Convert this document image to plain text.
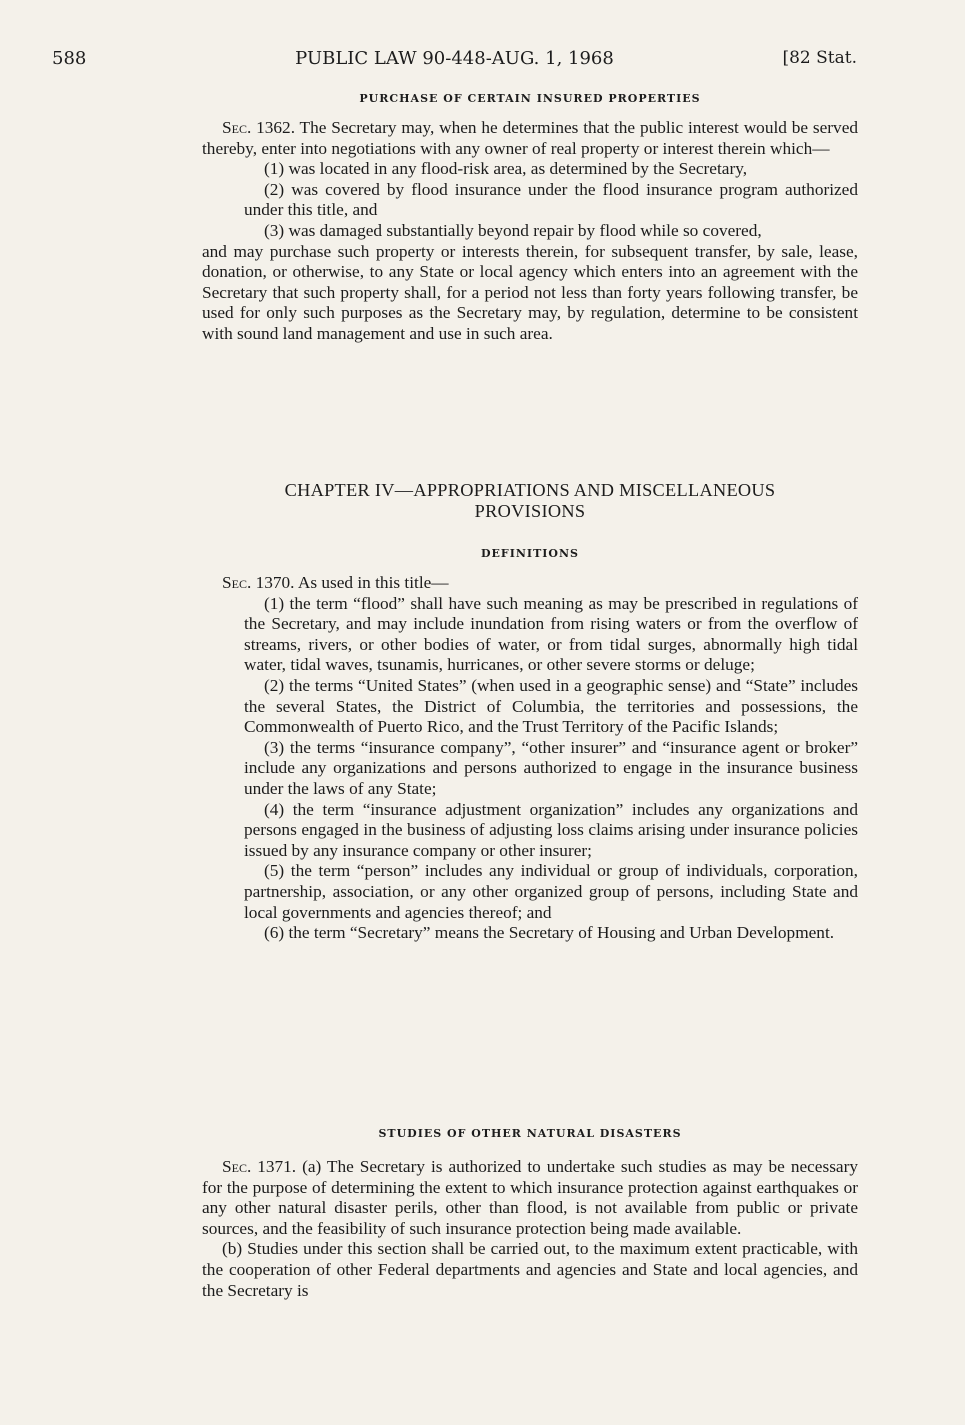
588	PUBLIC LAW 90-448-AUG. 1, 1968	[82 Stat.

PURCHASE OF CERTAIN INSURED PROPERTIES

Sec. 1362. The Secretary may, when he determines that the public interest would be served thereby, enter into negotiations with any owner of real property or interest therein which—

(1) was located in any flood-risk area, as determined by the Secretary,

(2) was covered by flood insurance under the flood insurance program authorized under this title, and

(3) was damaged substantially beyond repair by flood while so covered,

and may purchase such property or interests therein, for subsequent transfer, by sale, lease, donation, or otherwise, to any State or local agency which enters into an agreement with the Secretary that such property shall, for a period not less than forty years following transfer, be used for only such purposes as the Secretary may, by regulation, determine to be consistent with sound land management and use in such area.

CHAPTER IV—APPROPRIATIONS AND MISCELLANEOUS

PROVISIONS

DEFINITIONS

Sec. 1370. As used in this title—

(1) the term “flood” shall have such meaning as may be prescribed in regulations of the Secretary, and may include inundation from rising waters or from the overflow of streams, rivers, or other bodies of water, or from tidal surges, abnormally high tidal water, tidal waves, tsunamis, hurricanes, or other severe storms or deluge;

(2) the terms “United States” (when used in a geographic sense) and “State” includes the several States, the District of Columbia, the territories and possessions, the Commonwealth of Puerto Rico, and the Trust Territory of the Pacific Islands;

(3) the terms “insurance company”, “other insurer” and “insurance agent or broker” include any organizations and persons authorized to engage in the insurance business under the laws of any State;

(4) the term “insurance adjustment organization” includes any organizations and persons engaged in the business of adjusting loss claims arising under insurance policies issued by any insurance company or other insurer;

(5) the term “person” includes any individual or group of individuals, corporation, partnership, association, or any other organized group of persons, including State and local governments and agencies thereof; and

(6) the term “Secretary” means the Secretary of Housing and Urban Development.

STUDIES OF OTHER NATURAL DISASTERS

Sec. 1371. (a) The Secretary is authorized to undertake such studies as may be necessary for the purpose of determining the extent to which insurance protection against earthquakes or any other natural disaster perils, other than flood, is not available from public or private sources, and the feasibility of such insurance protection being made available.

(b) Studies under this section shall be carried out, to the maximum extent practicable, with the cooperation of other Federal departments and agencies and State and local agencies, and the Secretary is
